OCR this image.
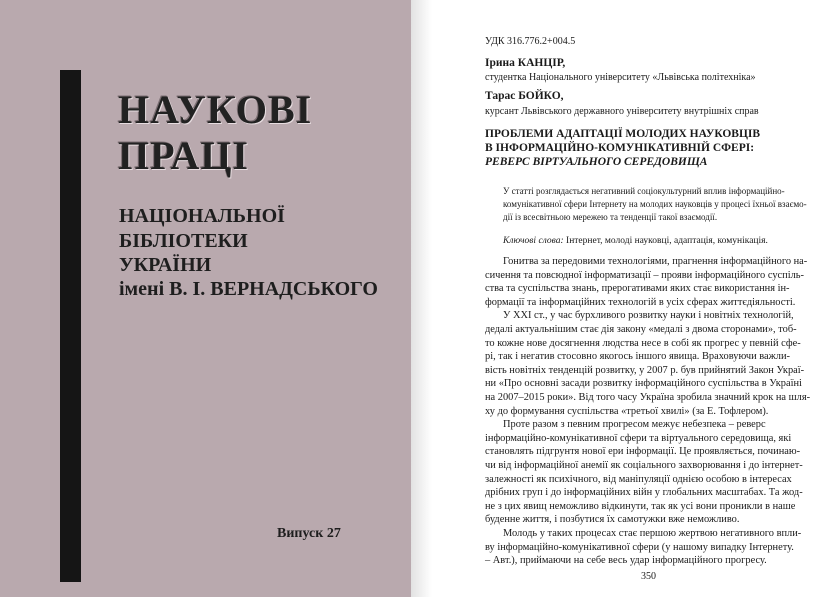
НАУКОВІ
ПРАЦІ
НАЦІОНАЛЬНОЇ
БІБЛІОТЕКИ
УКРАЇНИ
імені В. І. ВЕРНАДСЬКОГО
Випуск 27
УДК 316.776.2+004.5
Ірина КАНЦІР,
студентка Національного університету «Львівська політехніка»
Тарас БОЙКО,
курсант Львівського державного університету внутрішніх справ
ПРОБЛЕМИ АДАПТАЦІЇ МОЛОДИХ НАУКОВЦІВ
В ІНФОРМАЦІЙНО-КОМУНІКАТИВНІЙ СФЕРІ:
РЕВЕРС ВІРТУАЛЬНОГО СЕРЕДОВИЩА
У статті розглядається негативний соціокультурний вплив інформаційно-
комунікативної сфери Інтернету на молодих науковців у процесі їхньої взаємо-
дії із всесвітньою мережею та тенденції такої взаємодії.
Ключові слова: Інтернет, молоді науковці, адаптація, комунікація.
Гонитва за передовими технологіями, прагнення інформаційного на-
сичення та повсюдної інформатизації – прояви інформаційного суспіль-
ства та суспільства знань, прерогативами яких стає використання ін-
формації та інформаційних технологій в усіх сферах життєдіяльності.
У XXI ст., у час бурхливого розвитку науки і новітніх технологій,
дедалі актуальнішим стає дія закону «медалі з двома сторонами», тоб-
то кожне нове досягнення людства несе в собі як прогрес у певній сфе-
рі, так і негатив стосовно якогось іншого явища. Враховуючи важли-
вість новітніх тенденцій розвитку, у 2007 р. був прийнятий Закон Украї-
ни «Про основні засади розвитку інформаційного суспільства в Україні
на 2007–2015 роки». Від того часу Україна зробила значний крок на шля-
ху до формування суспільства «третьої хвилі» (за Е. Тофлером).
Проте разом з певним прогресом межує небезпека – реверс
інформаційно-комунікативної сфери та віртуального середовища, які
становлять підгрунтя нової ери інформації. Це проявляється, починаю-
чи від інформаційної анемії як соціального захворювання і до інтернет-
залежності як психічного, від маніпуляції однією особою в інтересах
дрібних груп і до інформаційних війн у глобальних масштабах. Та жод-
не з цих явищ неможливо відкинути, так як усі вони проникли в наше
буденне життя, і позбутися їх самотужки вже неможливо.
Молодь у таких процесах стає першою жертвою негативного впли-
ву інформаційно-комунікативної сфери (у нашому випадку Інтернету.
– Авт.), приймаючи на себе весь удар інформаційного прогресу.
350
